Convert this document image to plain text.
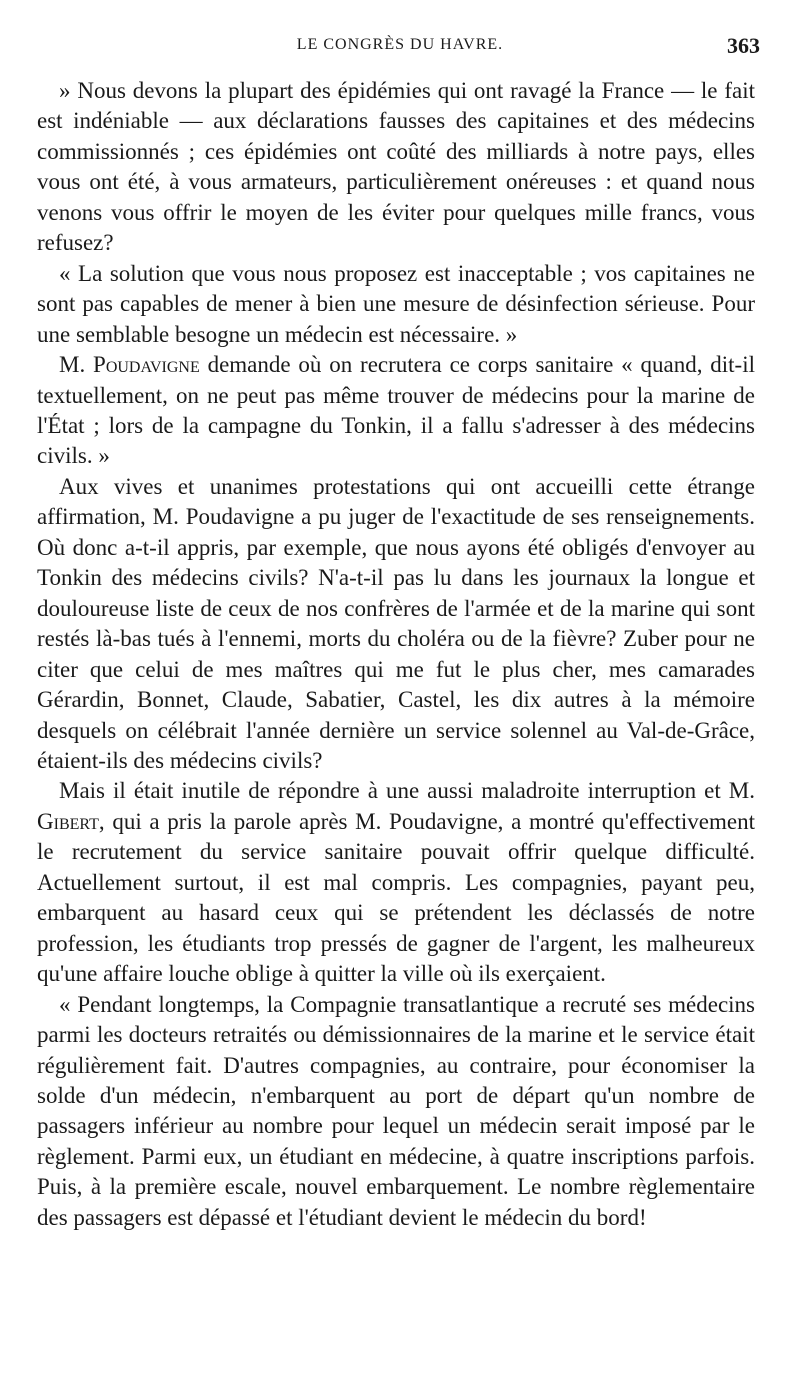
LE CONGRÈS DU HAVRE.	363

» Nous devons la plupart des épidémies qui ont ravagé la France — le fait est indéniable — aux déclarations fausses des capitaines et des médecins commissionnés ; ces épidémies ont coûté des milliards à notre pays, elles vous ont été, à vous armateurs, particulièrement onéreuses : et quand nous venons vous offrir le moyen de les éviter pour quelques mille francs, vous refusez?

« La solution que vous nous proposez est inacceptable ; vos capitaines ne sont pas capables de mener à bien une mesure de désinfection sérieuse. Pour une semblable besogne un médecin est nécessaire. »

M. Poudavigne demande où on recrutera ce corps sanitaire « quand, dit-il textuellement, on ne peut pas même trouver de médecins pour la marine de l'État ; lors de la campagne du Tonkin, il a fallu s'adresser à des médecins civils. »

Aux vives et unanimes protestations qui ont accueilli cette étrange affirmation, M. Poudavigne a pu juger de l'exactitude de ses renseignements. Où donc a-t-il appris, par exemple, que nous ayons été obligés d'envoyer au Tonkin des médecins civils? N'a-t-il pas lu dans les journaux la longue et douloureuse liste de ceux de nos confrères de l'armée et de la marine qui sont restés là-bas tués à l'ennemi, morts du choléra ou de la fièvre? Zuber pour ne citer que celui de mes maîtres qui me fut le plus cher, mes camarades Gérardin, Bonnet, Claude, Sabatier, Castel, les dix autres à la mémoire desquels on célébrait l'année dernière un service solennel au Val-de-Grâce, étaient-ils des médecins civils?

Mais il était inutile de répondre à une aussi maladroite interruption et M. Gibert, qui a pris la parole après M. Poudavigne, a montré qu'effectivement le recrutement du service sanitaire pouvait offrir quelque difficulté. Actuellement surtout, il est mal compris. Les compagnies, payant peu, embarquent au hasard ceux qui se prétendent les déclassés de notre profession, les étudiants trop pressés de gagner de l'argent, les malheureux qu'une affaire louche oblige à quitter la ville où ils exerçaient.

« Pendant longtemps, la Compagnie transatlantique a recruté ses médecins parmi les docteurs retraités ou démissionnaires de la marine et le service était régulièrement fait. D'autres compagnies, au contraire, pour économiser la solde d'un médecin, n'embarquent au port de départ qu'un nombre de passagers inférieur au nombre pour lequel un médecin serait imposé par le règlement. Parmi eux, un étudiant en médecine, à quatre inscriptions parfois. Puis, à la première escale, nouvel embarquement. Le nombre règlementaire des passagers est dépassé et l'étudiant devient le médecin du bord!
